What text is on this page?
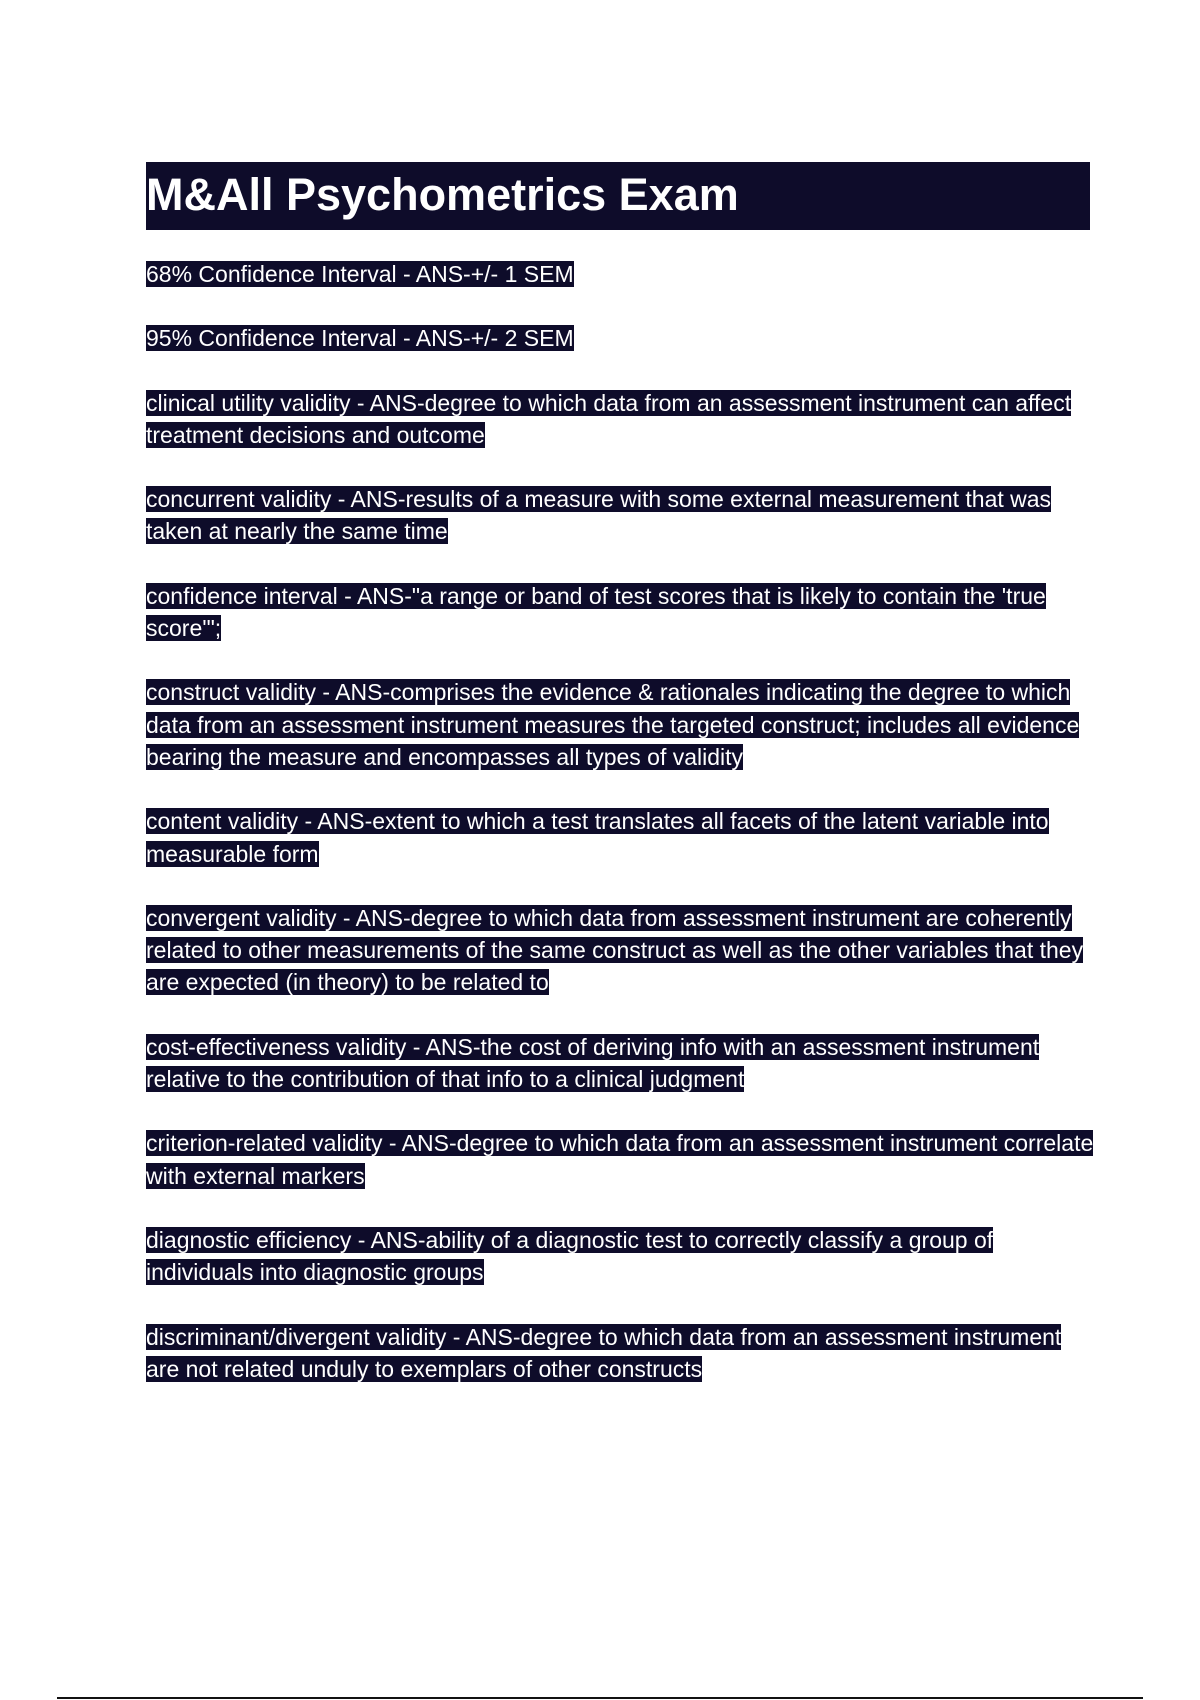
M&All Psychometrics Exam

68% Confidence Interval - ANS-+/- 1 SEM

95% Confidence Interval - ANS-+/- 2 SEM

clinical utility validity - ANS-degree to which data from an assessment instrument can affect treatment decisions and outcome

concurrent validity - ANS-results of a measure with some external measurement that was taken at nearly the same time

confidence interval - ANS-"a range or band of test scores that is likely to contain the 'true score'";

construct validity - ANS-comprises the evidence & rationales indicating the degree to which data from an assessment instrument measures the targeted construct; includes all evidence bearing the measure and encompasses all types of validity

content validity - ANS-extent to which a test translates all facets of the latent variable into measurable form

convergent validity - ANS-degree to which data from assessment instrument are coherently related to other measurements of the same construct as well as the other variables that they are expected (in theory) to be related to

cost-effectiveness validity - ANS-the cost of deriving info with an assessment instrument relative to the contribution of that info to a clinical judgment

criterion-related validity - ANS-degree to which data from an assessment instrument correlate with external markers

diagnostic efficiency - ANS-ability of a diagnostic test to correctly classify a group of individuals into diagnostic groups

discriminant/divergent validity - ANS-degree to which data from an assessment instrument are not related unduly to exemplars of other constructs
